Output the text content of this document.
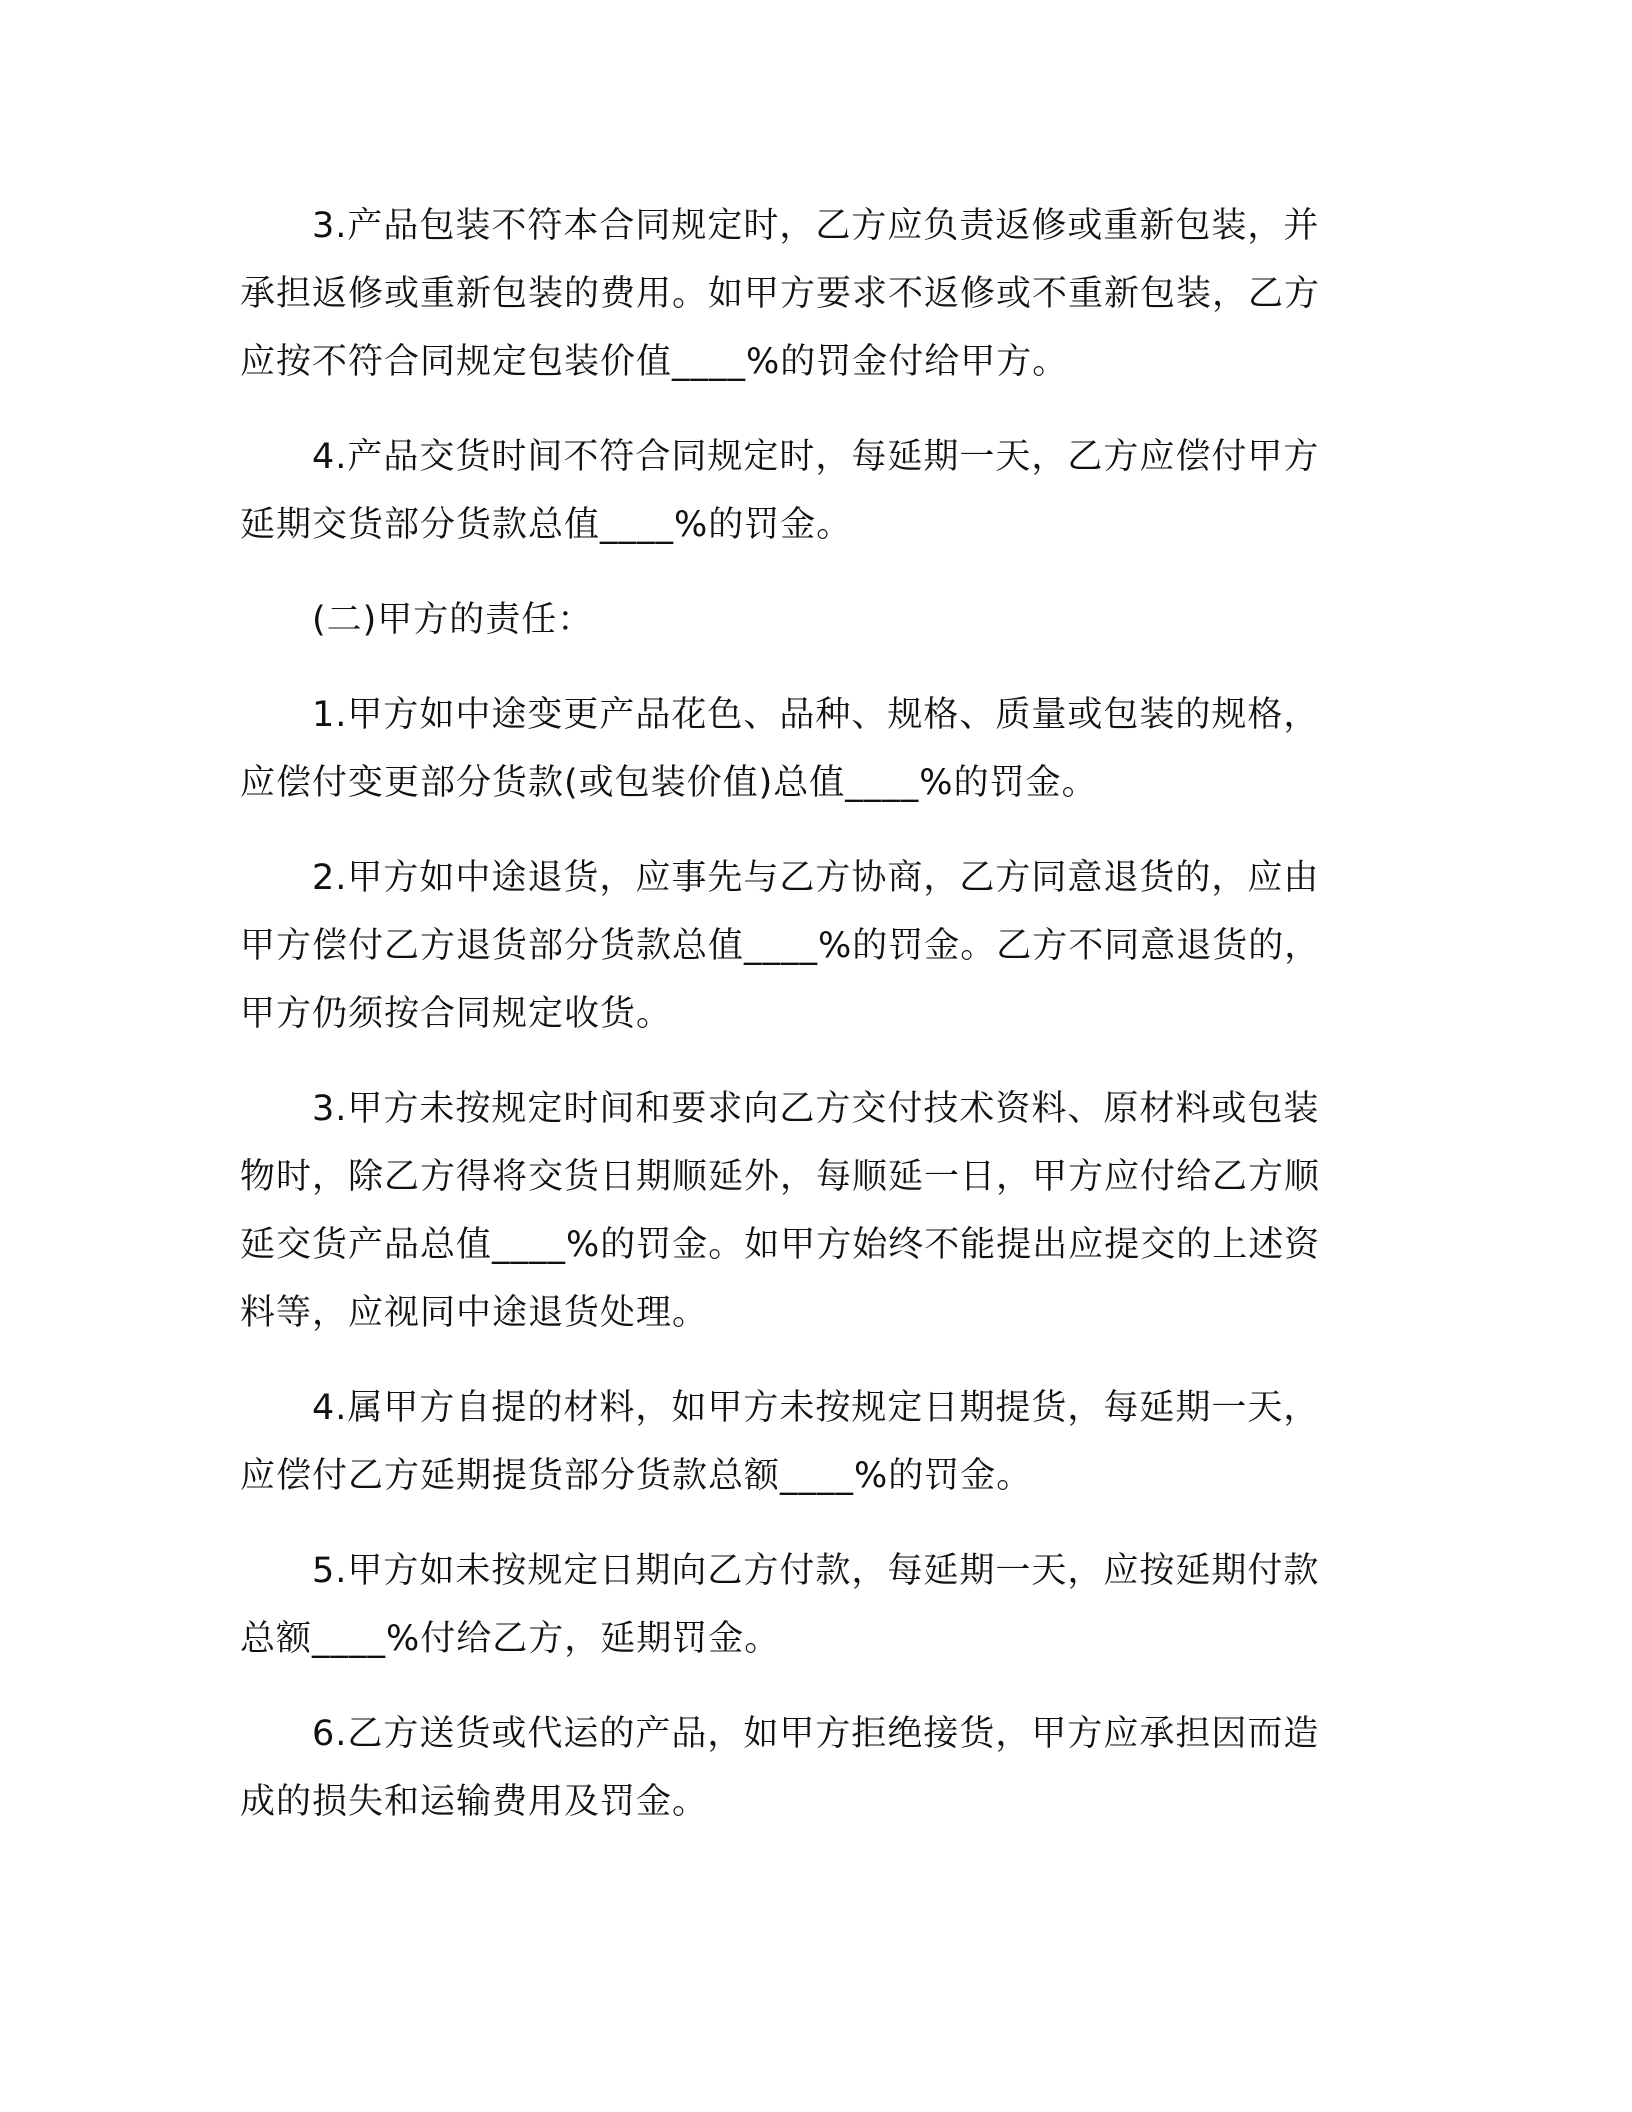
3.产品包装不符本合同规定时，乙方应负责返修或重新包装，并
承担返修或重新包装的费用。如甲方要求不返修或不重新包装，乙方
应按不符合同规定包装价值____%的罚金付给甲方。
4.产品交货时间不符合同规定时，每延期一天，乙方应偿付甲方
延期交货部分货款总值____%的罚金。
(二)甲方的责任：
1.甲方如中途变更产品花色、品种、规格、质量或包装的规格，
应偿付变更部分货款(或包装价值)总值____%的罚金。
2.甲方如中途退货，应事先与乙方协商，乙方同意退货的，应由
甲方偿付乙方退货部分货款总值____%的罚金。乙方不同意退货的，
甲方仍须按合同规定收货。
3.甲方未按规定时间和要求向乙方交付技术资料、原材料或包装
物时，除乙方得将交货日期顺延外，每顺延一日，甲方应付给乙方顺
延交货产品总值____%的罚金。如甲方始终不能提出应提交的上述资
料等，应视同中途退货处理。
4.属甲方自提的材料，如甲方未按规定日期提货，每延期一天，
应偿付乙方延期提货部分货款总额____%的罚金。
5.甲方如未按规定日期向乙方付款，每延期一天，应按延期付款
总额____%付给乙方，延期罚金。
6.乙方送货或代运的产品，如甲方拒绝接货，甲方应承担因而造
成的损失和运输费用及罚金。
